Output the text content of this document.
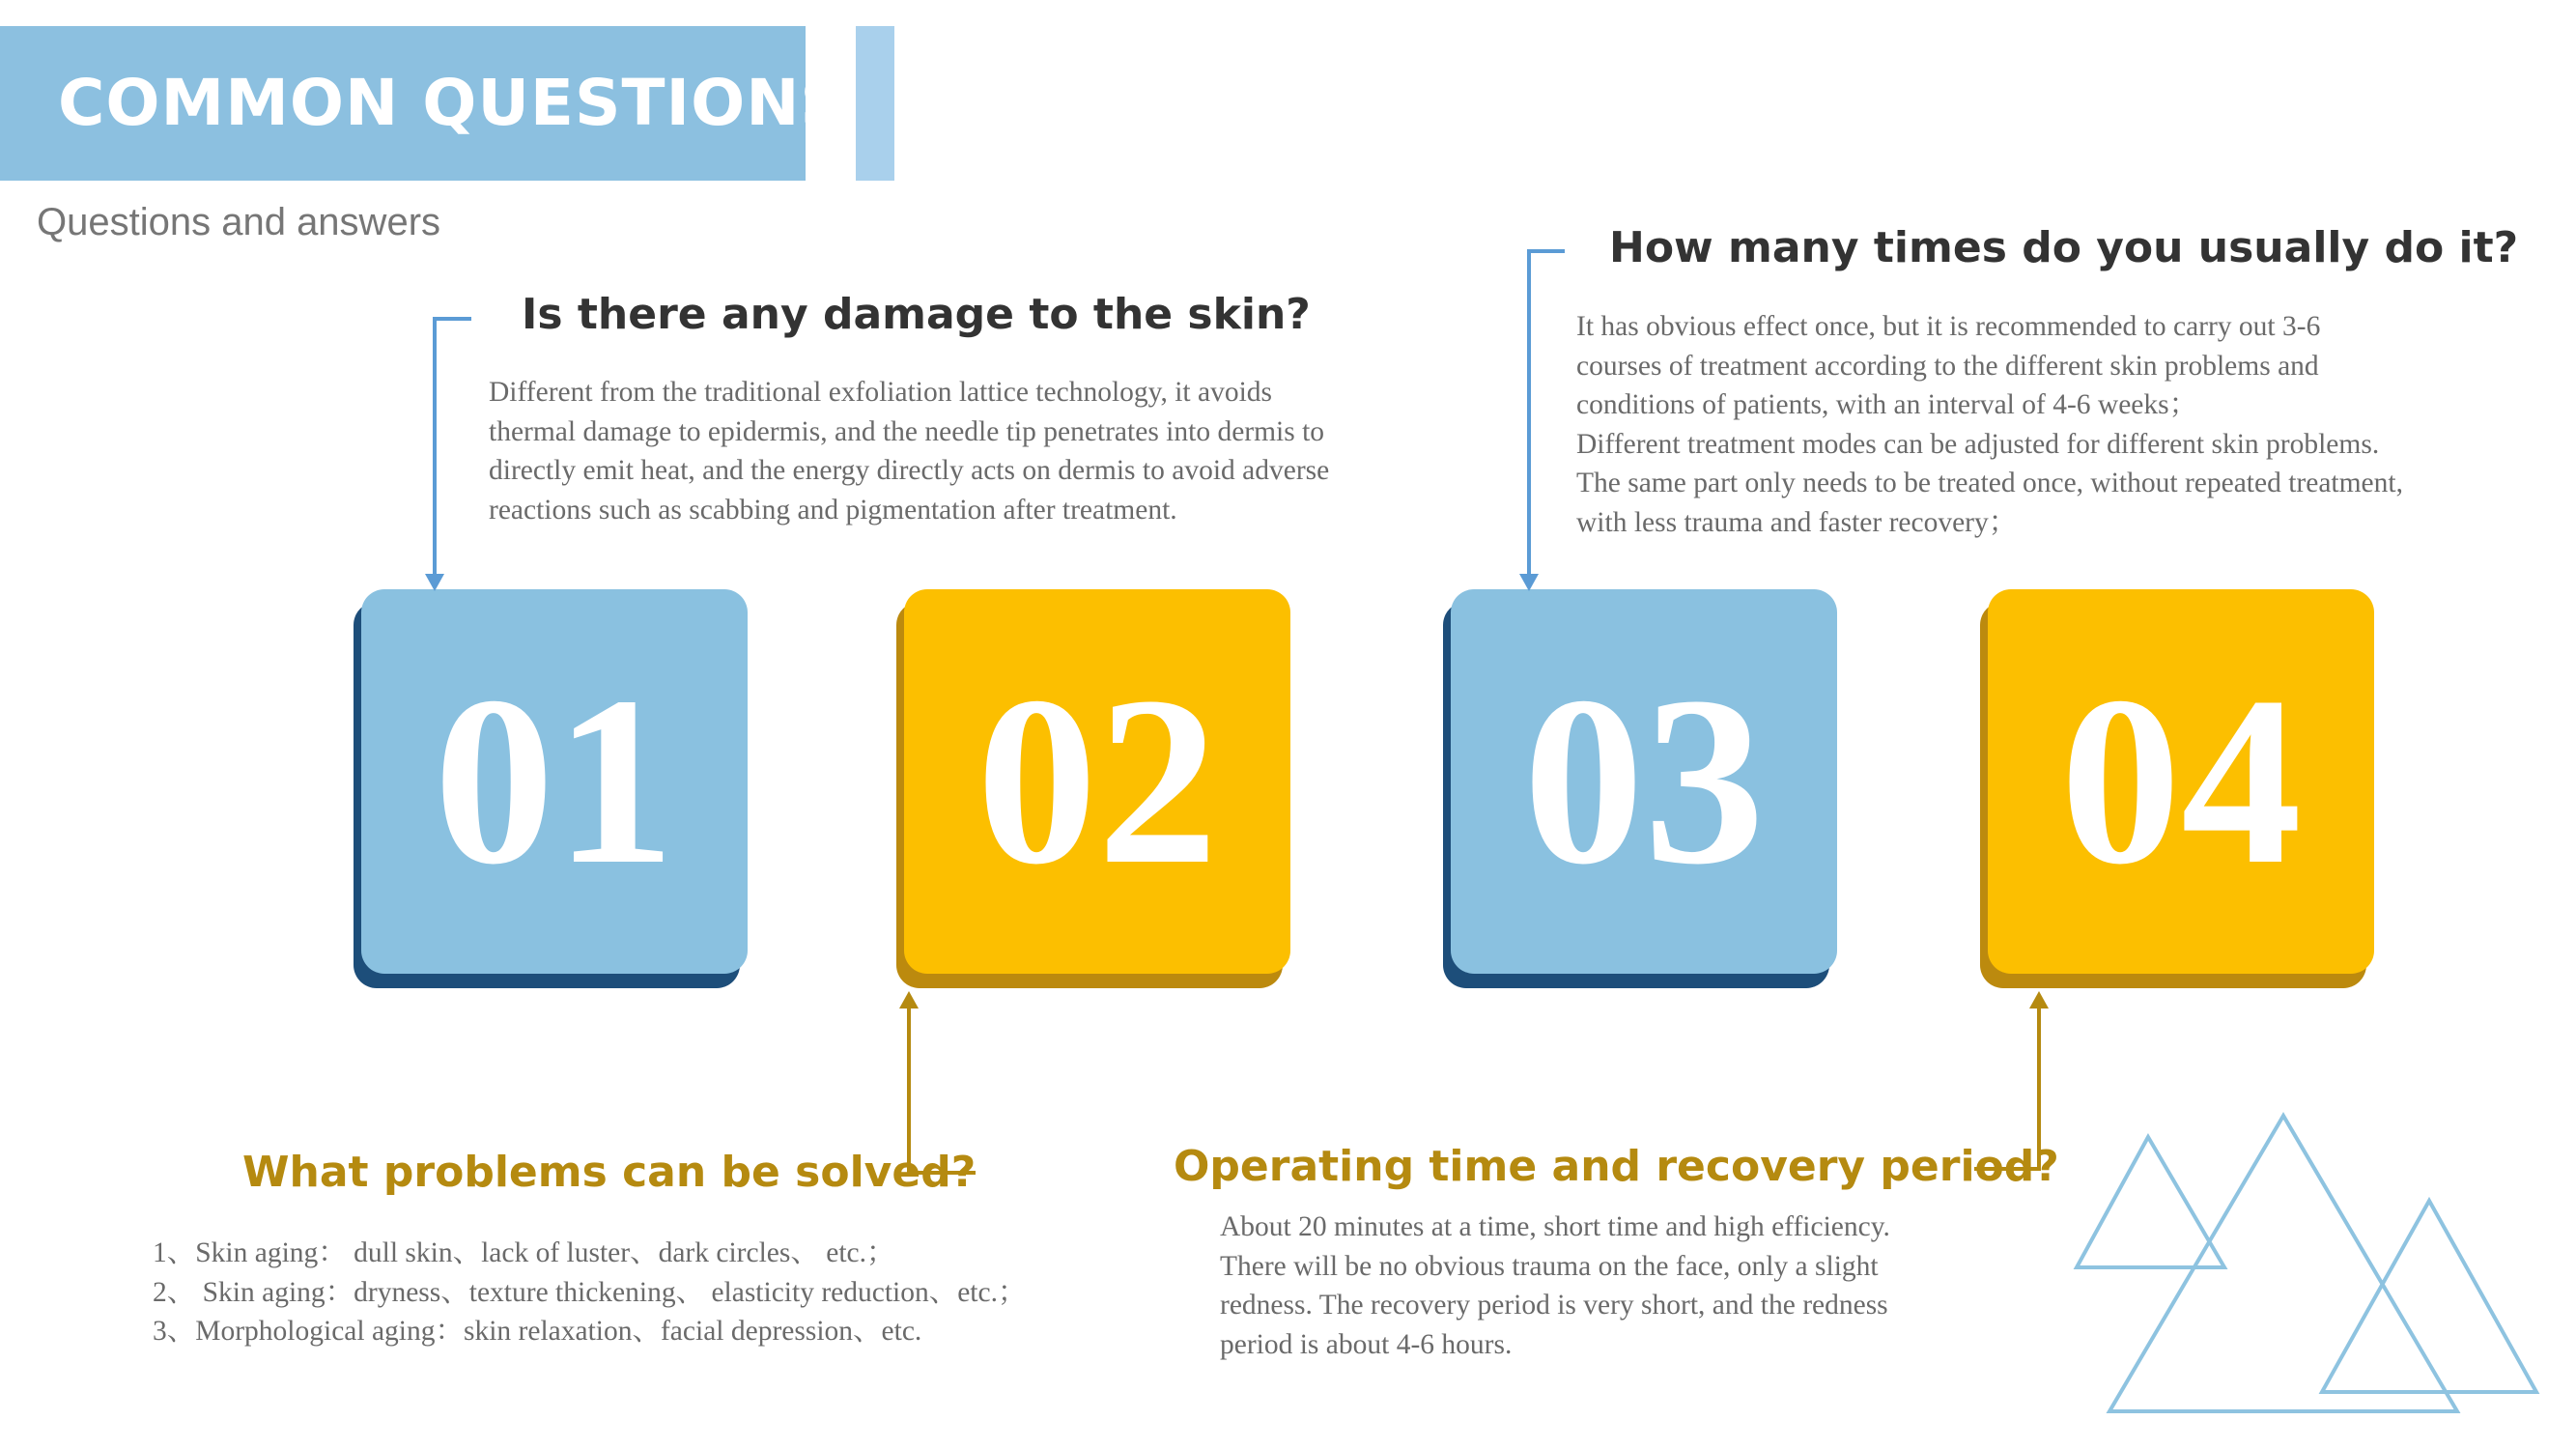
COMMON QUESTIONS
Questions and answers
Is there any damage to the skin?
Different from the traditional exfoliation lattice technology, it avoids
thermal damage to epidermis, and the needle tip penetrates into dermis to
directly emit heat, and the energy directly acts on dermis to avoid adverse
reactions such as scabbing and pigmentation after treatment.
How many times do you usually do it?
It has obvious effect once, but it is recommended to carry out 3-6
courses of treatment according to the different skin problems and
conditions of patients, with an interval of 4-6 weeks；
Different treatment modes can be adjusted for different skin problems.
The same part only needs to be treated once, without repeated treatment,
with less trauma and faster recovery；
01	02	03	04
What problems can be solved?
1、Skin aging： dull skin、lack of luster、dark circles、 etc.；
2、 Skin aging：dryness、texture thickening、 elasticity reduction、etc.；
3、Morphological aging：skin relaxation、facial depression、etc.
Operating time and recovery period?
About 20 minutes at a time, short time and high efficiency.
There will be no obvious trauma on the face, only a slight
redness. The recovery period is very short, and the redness
period is about 4-6 hours.
